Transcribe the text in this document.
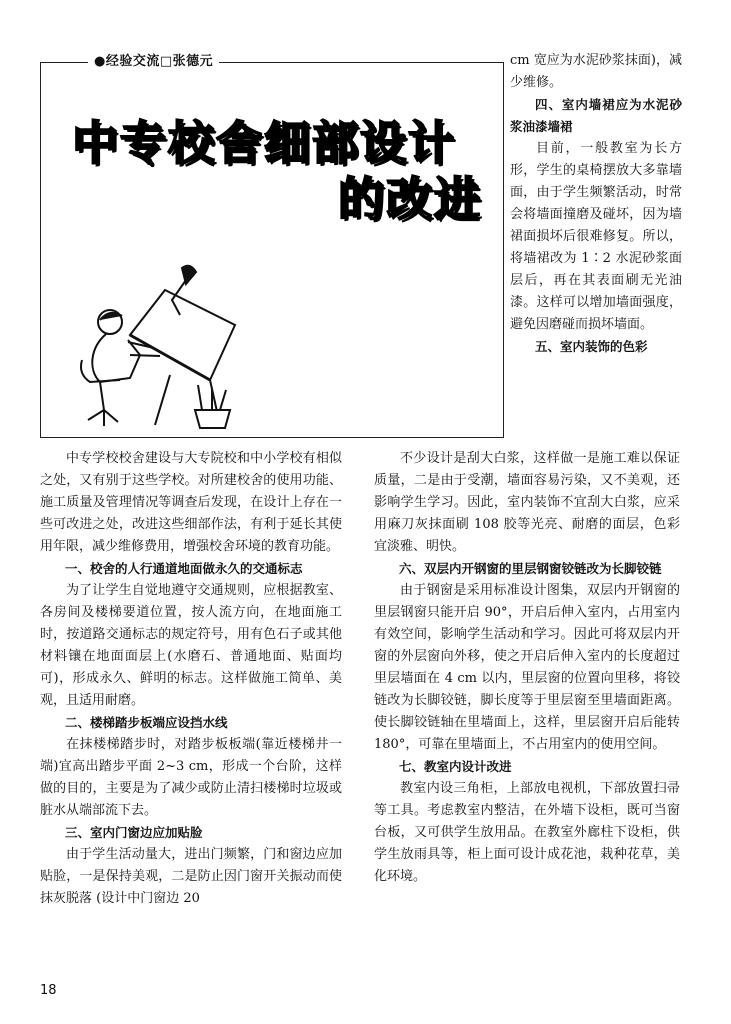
●经验交流□张德元
中专校舍细部设计
的改进

cm 宽应为水泥砂浆抹面)，减少维修。

四、室内墙裙应为水泥砂浆油漆墙裙

目前，一般教室为长方形，学生的桌椅摆放大多靠墙面，由于学生频繁活动，时常会将墙面撞磨及碰坏，因为墙裙面损坏后很难修复。所以，将墙裙改为 1∶2 水泥砂浆面层后，再在其表面刷无光油漆。这样可以增加墙面强度，避免因磨碰而损坏墙面。

五、室内装饰的色彩

中专学校校舍建设与大专院校和中小学校有相似之处，又有别于这些学校。对所建校舍的使用功能、施工质量及管理情况等调查后发现，在设计上存在一些可改进之处，改进这些细部作法，有利于延长其使用年限，减少维修费用，增强校舍环境的教育功能。

一、校舍的人行通道地面做永久的交通标志

为了让学生自觉地遵守交通规则，应根据教室、各房间及楼梯要道位置，按人流方向，在地面施工时，按道路交通标志的规定符号，用有色石子或其他材料镶在地面面层上(水磨石、普通地面、贴面均可)，形成永久、鲜明的标志。这样做施工简单、美观，且适用耐磨。

二、楼梯踏步板端应设挡水线

在抹楼梯踏步时，对踏步板板端(靠近楼梯井一端)宜高出踏步平面 2~3 cm，形成一个台阶，这样做的目的，主要是为了减少或防止清扫楼梯时垃圾或脏水从端部流下去。

三、室内门窗边应加贴脸

由于学生活动量大，进出门频繁，门和窗边应加贴脸，一是保持美观，二是防止因门窗开关振动而使抹灰脱落 (设计中门窗边 20

不少设计是刮大白浆，这样做一是施工难以保证质量，二是由于受潮，墙面容易污染，又不美观，还影响学生学习。因此，室内装饰不宜刮大白浆，应采用麻刀灰抹面刷 108 胶等光亮、耐磨的面层，色彩宜淡雅、明快。

六、双层内开钢窗的里层钢窗铰链改为长脚铰链

由于钢窗是采用标准设计图集，双层内开钢窗的里层钢窗只能开启 90°，开启后伸入室内，占用室内有效空间，影响学生活动和学习。因此可将双层内开窗的外层窗向外移，使之开启后伸入室内的长度超过里层墙面在 4 cm 以内，里层窗的位置向里移，将铰链改为长脚铰链，脚长度等于里层窗至里墙面距离。使长脚铰链轴在里墙面上，这样，里层窗开启后能转 180°，可靠在里墙面上，不占用室内的使用空间。

七、教室内设计改进

教室内设三角柜，上部放电视机，下部放置扫帚等工具。考虑教室内整洁，在外墙下设柜，既可当窗台板，又可供学生放用品。在教室外廊柱下设柜，供学生放雨具等，柜上面可设计成花池，栽种花草，美化环境。

18
